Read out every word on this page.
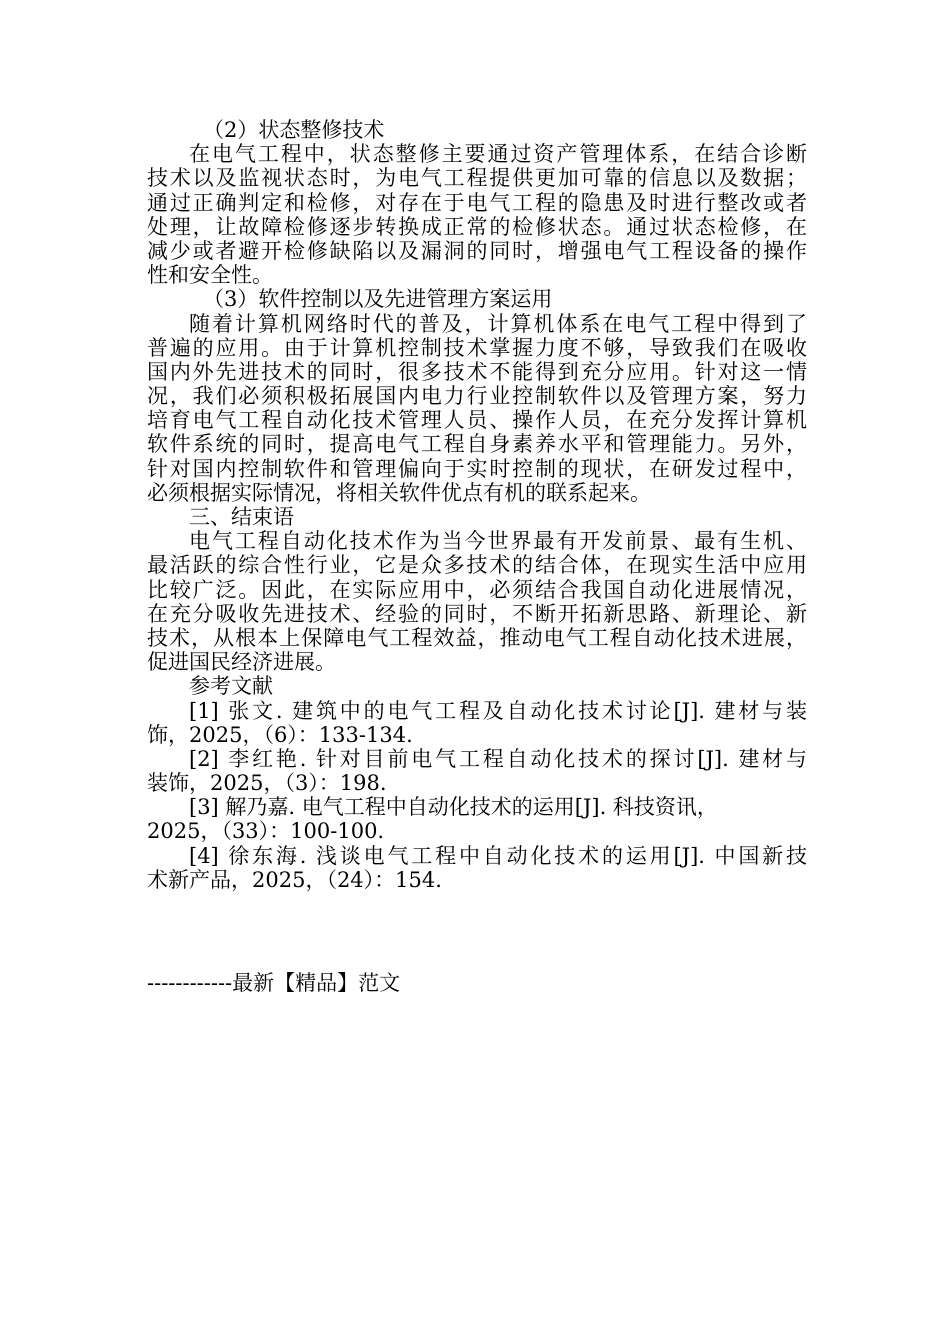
（2）状态整修技术
在电气工程中，状态整修主要通过资产管理体系，在结合诊断
技术以及监视状态时，为电气工程提供更加可靠的信息以及数据；
通过正确判定和检修，对存在于电气工程的隐患及时进行整改或者
处理，让故障检修逐步转换成正常的检修状态。通过状态检修，在
减少或者避开检修缺陷以及漏洞的同时，增强电气工程设备的操作
性和安全性。
（3）软件控制以及先进管理方案运用
随着计算机网络时代的普及，计算机体系在电气工程中得到了
普遍的应用。由于计算机控制技术掌握力度不够，导致我们在吸收
国内外先进技术的同时，很多技术不能得到充分应用。针对这一情
况，我们必须积极拓展国内电力行业控制软件以及管理方案，努力
培育电气工程自动化技术管理人员、操作人员，在充分发挥计算机
软件系统的同时，提高电气工程自身素养水平和管理能力。另外，
针对国内控制软件和管理偏向于实时控制的现状，在研发过程中，
必须根据实际情况，将相关软件优点有机的联系起来。
三、结束语
电气工程自动化技术作为当今世界最有开发前景、最有生机、
最活跃的综合性行业，它是众多技术的结合体，在现实生活中应用
比较广泛。因此，在实际应用中，必须结合我国自动化进展情况，
在充分吸收先进技术、经验的同时，不断开拓新思路、新理论、新
技术，从根本上保障电气工程效益，推动电气工程自动化技术进展，
促进国民经济进展。
参考文献
[1] 张文. 建筑中的电气工程及自动化技术讨论[J]. 建材与装
饰，2025，（6）：133-134.
[2] 李红艳. 针对目前电气工程自动化技术的探讨[J]. 建材与
装饰，2025，（3）：198.
[3] 解乃嘉. 电气工程中自动化技术的运用[J]. 科技资讯，
2025，（33）：100-100.
[4] 徐东海. 浅谈电气工程中自动化技术的运用[J]. 中国新技
术新产品，2025，（24）：154.
------------最新【精品】范文
